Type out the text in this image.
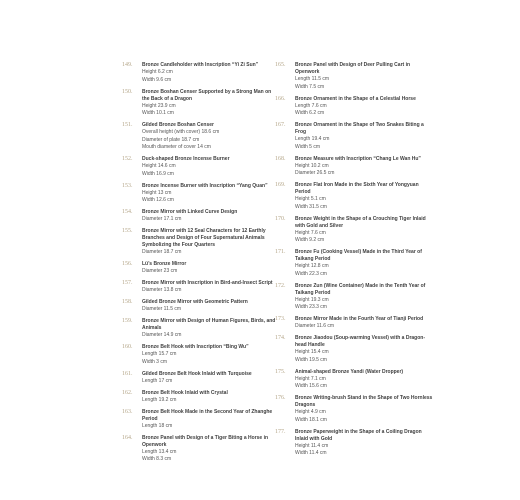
149. Bronze Candleholder with Inscription “Yi Zi Sun”
Height 6.2 cm
Width 9.6 cm
150. Bronze Boshan Censer Supported by a Strong Man on the Back of a Dragon
Height 23.9 cm
Width 10.1 cm
151. Gilded Bronze Boshan Censer
Overall height (with cover) 18.6 cm
Diameter of plate 18.7 cm
Mouth diameter of cover 14 cm
152. Duck-shaped Bronze Incense Burner
Height 14.6 cm
Width 16.9 cm
153. Bronze Incense Burner with Inscription “Yang Quan”
Height 13 cm
Width 12.6 cm
154. Bronze Mirror with Linked Curve Design
Diameter 17.1 cm
155. Bronze Mirror with 12 Seal Characters for 12 Earthly Branches and Design of Four Supernatural Animals Symbolizing the Four Quarters
Diameter 18.7 cm
156. Lü’s Bronze Mirror
Diameter 23 cm
157. Bronze Mirror with Inscription in Bird-and-Insect Script
Diameter 13.8 cm
158. Gilded Bronze Mirror with Geometric Pattern
Diameter 11.5 cm
159. Bronze Mirror with Design of Human Figures, Birds, and Animals
Diameter 14.9 cm
160. Bronze Belt Hook with Inscription “Bing Wu”
Length 15.7 cm
Width 3 cm
161. Gilded Bronze Belt Hook Inlaid with Turquoise
Length 17 cm
162. Bronze Belt Hook Inlaid with Crystal
Length 19.2 cm
163. Bronze Belt Hook Made in the Second Year of Zhanghe Period
Length 18 cm
164. Bronze Panel with Design of a Tiger Biting a Horse in Openwork
Length 13.4 cm
Width 8.3 cm
165. Bronze Panel with Design of Deer Pulling Cart in Openwork
Length 11.5 cm
Width 7.5 cm
166. Bronze Ornament in the Shape of a Celestial Horse
Length 7.6 cm
Width 6.2 cm
167. Bronze Ornament in the Shape of Two Snakes Biting a Frog
Length 19.4 cm
Width 5 cm
168. Bronze Measure with Inscription “Chang Le Wan Hu”
Height 10.2 cm
Diameter 26.5 cm
169. Bronze Flat Iron Made in the Sixth Year of Yongyuan Period
Height 5.1 cm
Width 31.5 cm
170. Bronze Weight in the Shape of a Crouching Tiger Inlaid with Gold and Silver
Height 7.6 cm
Width 9.2 cm
171. Bronze Fu (Cooking Vessel) Made in the Third Year of Taikang Period
Height 12.8 cm
Width 22.3 cm
172. Bronze Zun (Wine Container) Made in the Tenth Year of Taikang Period
Height 19.3 cm
Width 23.3 cm
173. Bronze Mirror Made in the Fourth Year of Tianji Period
Diameter 11.6 cm
174. Bronze Jiaodou (Soup-warming Vessel) with a Dragon-head Handle
Height 15.4 cm
Width 19.5 cm
175. Animal-shaped Bronze Yandi (Water Dropper)
Height 7.1 cm
Width 15.6 cm
176. Bronze Writing-brush Stand in the Shape of Two Hornless Dragons
Height 4.9 cm
Width 18.1 cm
177. Bronze Paperweight in the Shape of a Coiling Dragon Inlaid with Gold
Height 11.4 cm
Width 11.4 cm
